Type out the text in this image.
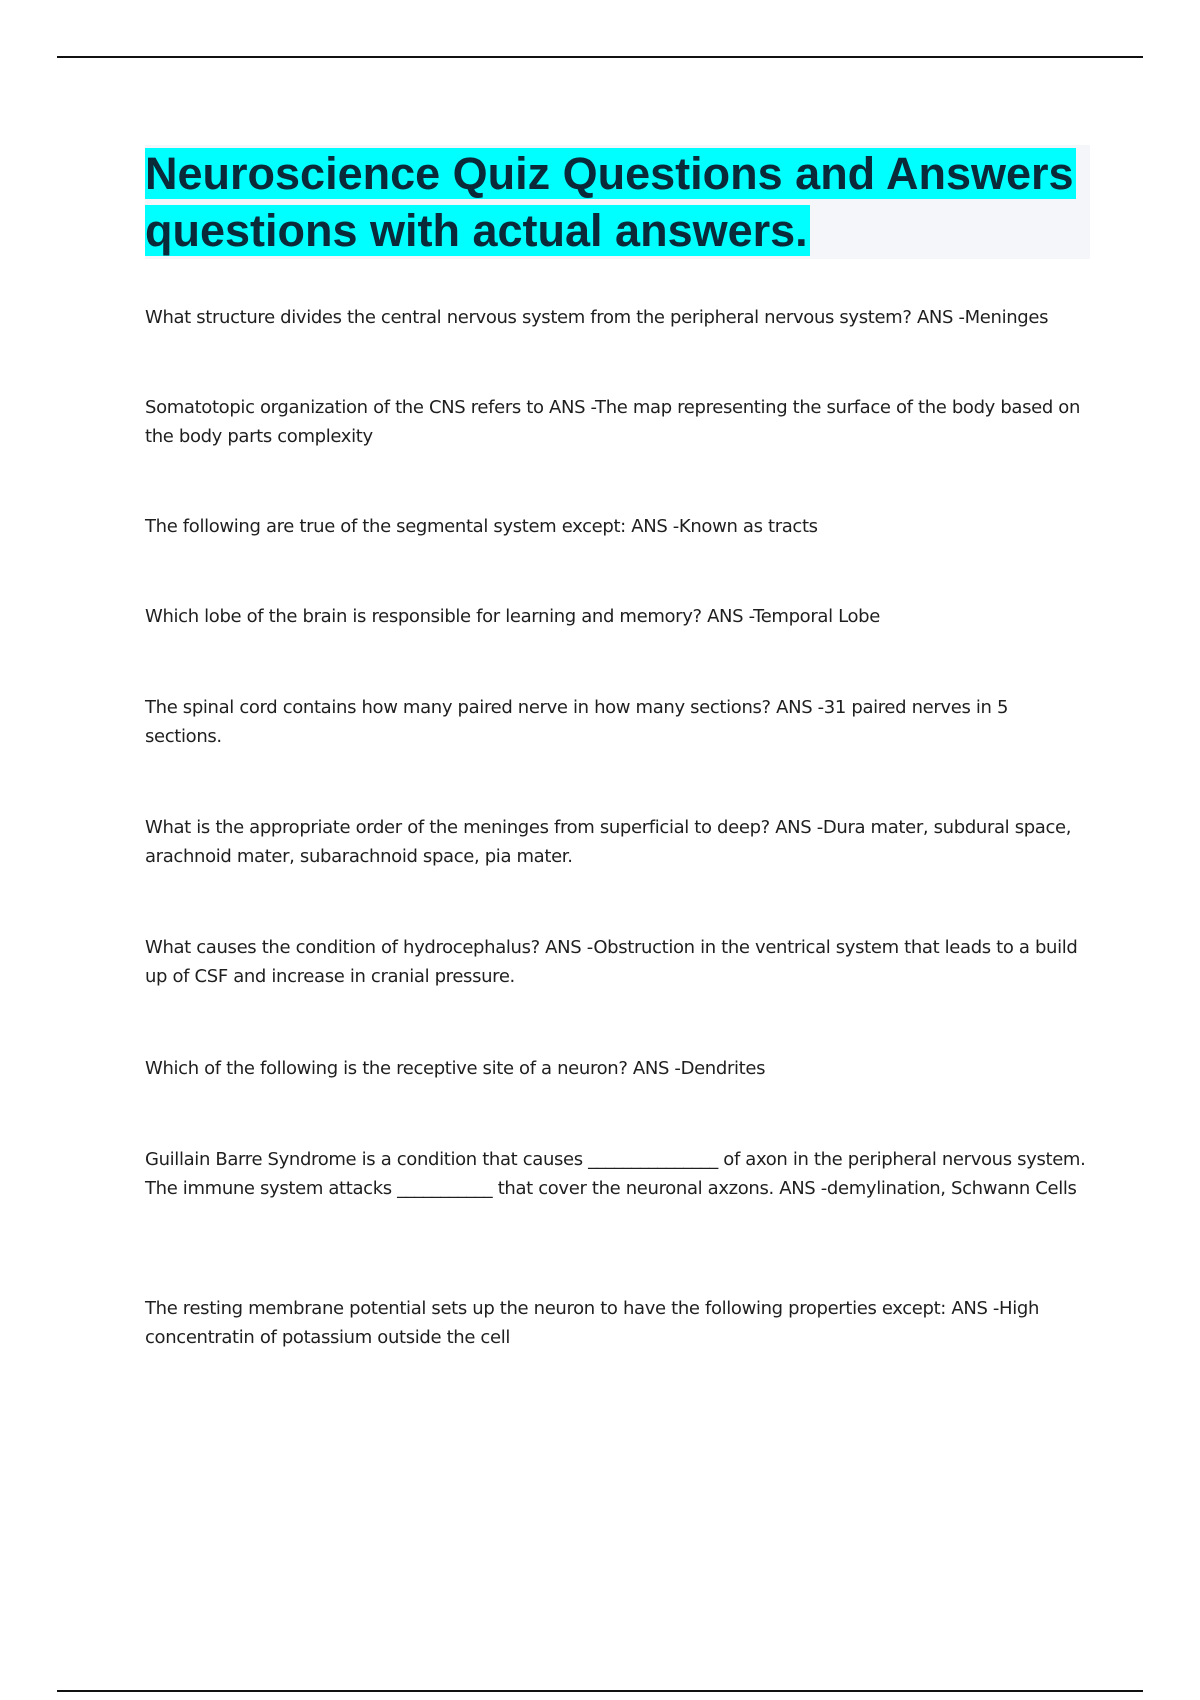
Neuroscience Quiz Questions and Answers questions with actual answers.

What structure divides the central nervous system from the peripheral nervous system? ANS -Meninges

Somatotopic organization of the CNS refers to ANS -The map representing the surface of the body based on the body parts complexity

The following are true of the segmental system except: ANS -Known as tracts

Which lobe of the brain is responsible for learning and memory? ANS -Temporal Lobe

The spinal cord contains how many paired nerve in how many sections? ANS -31 paired nerves in 5 sections.

What is the appropriate order of the meninges from superficial to deep? ANS -Dura mater, subdural space, arachnoid mater, subarachnoid space, pia mater.

What causes the condition of hydrocephalus? ANS -Obstruction in the ventrical system that leads to a build up of CSF and increase in cranial pressure.

Which of the following is the receptive site of a neuron? ANS -Dendrites

Guillain Barre Syndrome is a condition that causes _______________ of axon in the peripheral nervous system. The immune system attacks ___________ that cover the neuronal axzons. ANS -demylination, Schwann Cells

The resting membrane potential sets up the neuron to have the following properties except: ANS -High concentratin of potassium outside the cell
